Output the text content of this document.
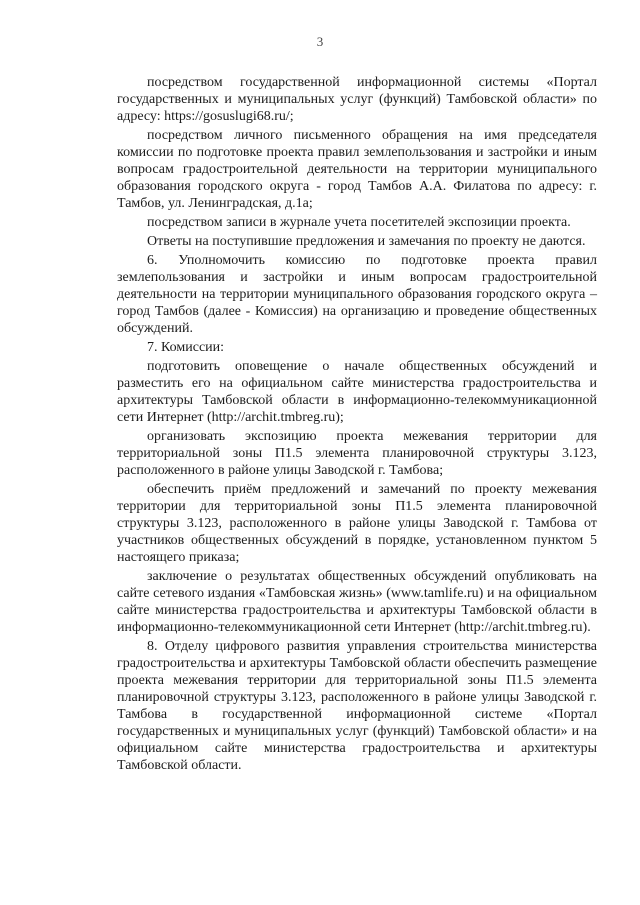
3

посредством государственной информационной системы «Портал государственных и муниципальных услуг (функций) Тамбовской области» по адресу: https://gosuslugi68.ru/;

посредством личного письменного обращения на имя председателя комиссии по подготовке проекта правил землепользования и застройки и иным вопросам градостроительной деятельности на территории муниципального образования городского округа - город Тамбов А.А. Филатова по адресу: г. Тамбов, ул. Ленинградская, д.1а;

посредством записи в журнале учета посетителей экспозиции проекта.

Ответы на поступившие предложения и замечания по проекту не даются.

6. Уполномочить комиссию по подготовке проекта правил землепользования и застройки и иным вопросам градостроительной деятельности на территории муниципального образования городского округа – город Тамбов (далее - Комиссия) на организацию и проведение общественных обсуждений.

7. Комиссии:

подготовить оповещение о начале общественных обсуждений и разместить его на официальном сайте министерства градостроительства и архитектуры Тамбовской области в информационно-телекоммуникационной сети Интернет (http://archit.tmbreg.ru);

организовать экспозицию проекта межевания территории для территориальной зоны П1.5 элемента планировочной структуры 3.123, расположенного в районе улицы Заводской г. Тамбова;

обеспечить приём предложений и замечаний по проекту межевания территории для территориальной зоны П1.5 элемента планировочной структуры 3.123, расположенного в районе улицы Заводской г. Тамбова от участников общественных обсуждений в порядке, установленном пунктом 5 настоящего приказа;

заключение о результатах общественных обсуждений опубликовать на сайте сетевого издания «Тамбовская жизнь» (www.tamlife.ru) и на официальном сайте министерства градостроительства и архитектуры Тамбовской области в информационно-телекоммуникационной сети Интернет (http://archit.tmbreg.ru).

8. Отделу цифрового развития управления строительства министерства градостроительства и архитектуры Тамбовской области обеспечить размещение проекта межевания территории для территориальной зоны П1.5 элемента планировочной структуры 3.123, расположенного в районе улицы Заводской г. Тамбова в государственной информационной системе «Портал государственных и муниципальных услуг (функций) Тамбовской области» и на официальном сайте министерства градостроительства и архитектуры Тамбовской области.
